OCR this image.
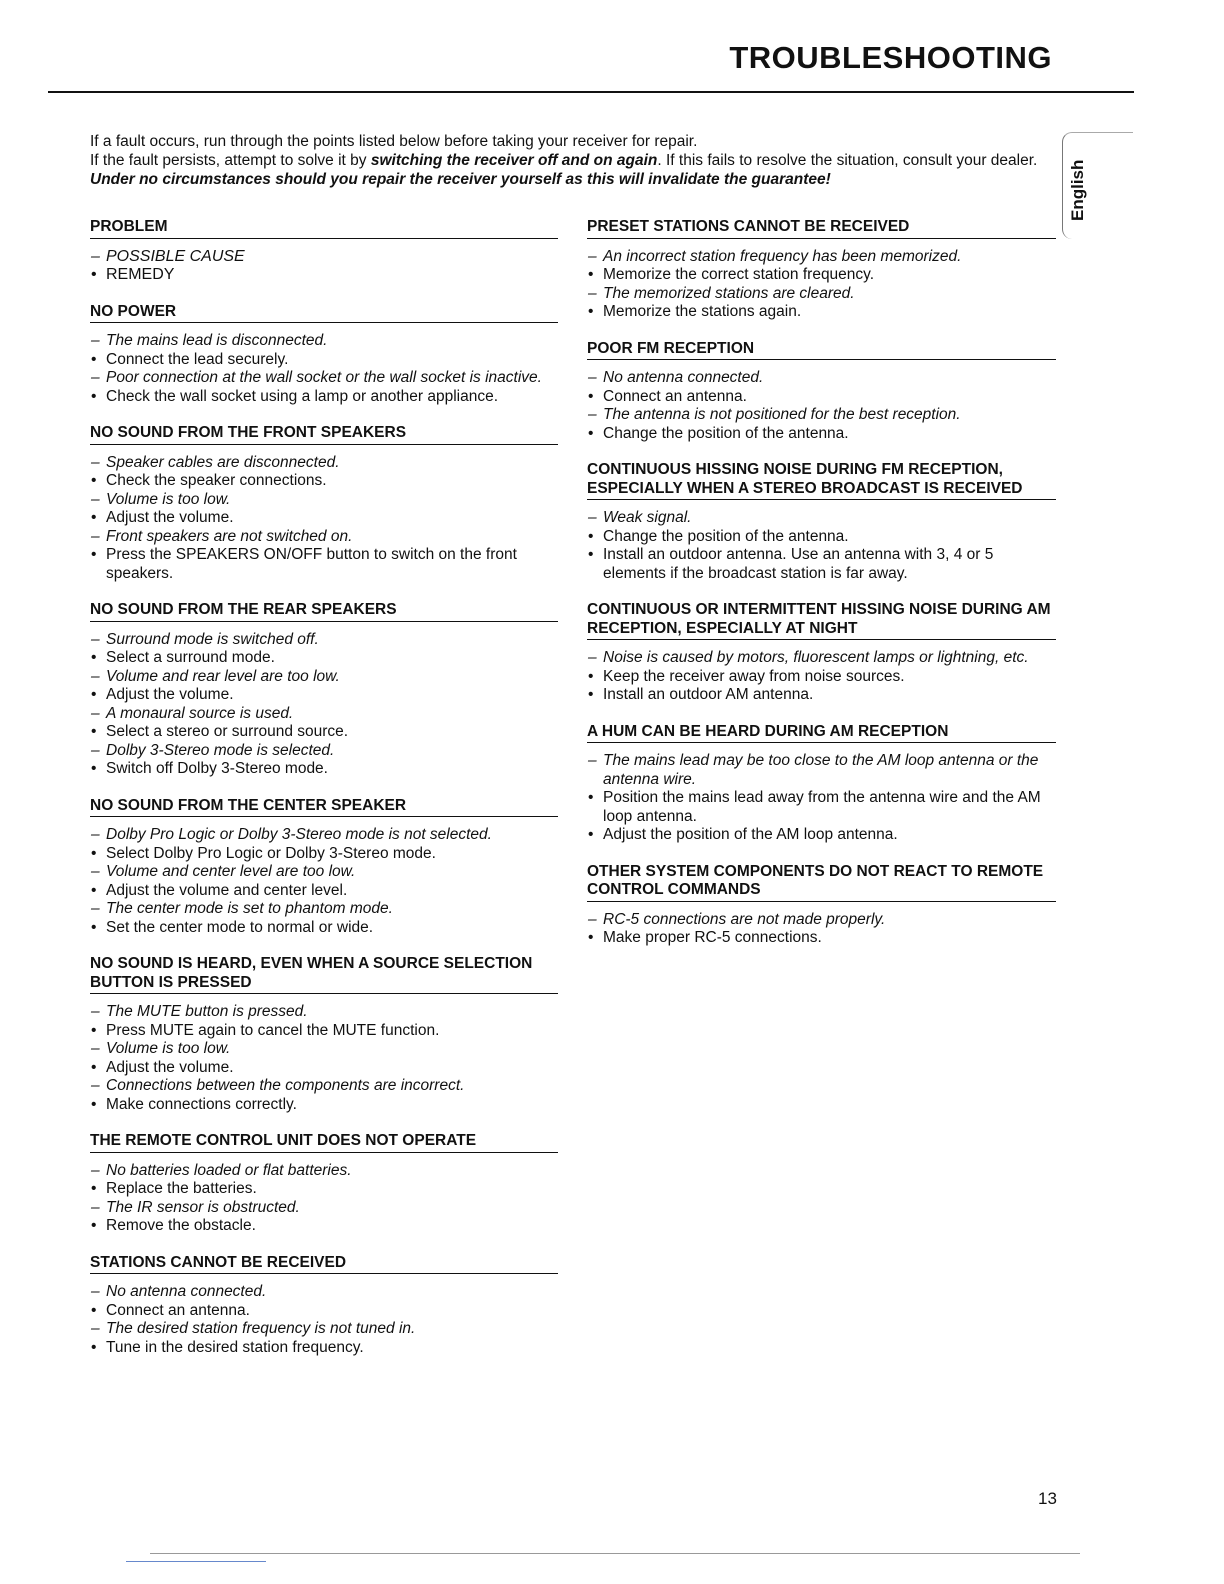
TROUBLESHOOTING

If a fault occurs, run through the points listed below before taking your receiver for repair.

If the fault persists, attempt to solve it by switching the receiver off and on again. If this fails to resolve the situation, consult your dealer. Under no circumstances should you repair the receiver yourself as this will invalidate the guarantee!	English
PROBLEM
– POSSIBLE CAUSE
• REMEDY
NO POWER
– The mains lead is disconnected.
• Connect the lead securely.
– Poor connection at the wall socket or the wall socket is inactive.
• Check the wall socket using a lamp or another appliance.
NO SOUND FROM THE FRONT SPEAKERS
– Speaker cables are disconnected.
• Check the speaker connections.
– Volume is too low.
• Adjust the volume.
– Front speakers are not switched on.
• Press the SPEAKERS ON/OFF button to switch on the front speakers.
NO SOUND FROM THE REAR SPEAKERS
– Surround mode is switched off.
• Select a surround mode.
– Volume and rear level are too low.
• Adjust the volume.
– A monaural source is used.
• Select a stereo or surround source.
– Dolby 3-Stereo mode is selected.
• Switch off Dolby 3-Stereo mode.
NO SOUND FROM THE CENTER SPEAKER
– Dolby Pro Logic or Dolby 3-Stereo mode is not selected.
• Select Dolby Pro Logic or Dolby 3-Stereo mode.
– Volume and center level are too low.
• Adjust the volume and center level.
– The center mode is set to phantom mode.
• Set the center mode to normal or wide.
NO SOUND IS HEARD, EVEN WHEN A SOURCE SELECTION BUTTON IS PRESSED
– The MUTE button is pressed.
• Press MUTE again to cancel the MUTE function.
– Volume is too low.
• Adjust the volume.
– Connections between the components are incorrect.
• Make connections correctly.
THE REMOTE CONTROL UNIT DOES NOT OPERATE
– No batteries loaded or flat batteries.
• Replace the batteries.
– The IR sensor is obstructed.
• Remove the obstacle.
STATIONS CANNOT BE RECEIVED
– No antenna connected.
• Connect an antenna.
– The desired station frequency is not tuned in.
• Tune in the desired station frequency.
PRESET STATIONS CANNOT BE RECEIVED
– An incorrect station frequency has been memorized.
• Memorize the correct station frequency.
– The memorized stations are cleared.
• Memorize the stations again.
POOR FM RECEPTION
– No antenna connected.
• Connect an antenna.
– The antenna is not positioned for the best reception.
• Change the position of the antenna.
CONTINUOUS HISSING NOISE DURING FM RECEPTION, ESPECIALLY WHEN A STEREO BROADCAST IS RECEIVED
– Weak signal.
• Change the position of the antenna.
• Install an outdoor antenna. Use an antenna with 3, 4 or 5 elements if the broadcast station is far away.
CONTINUOUS OR INTERMITTENT HISSING NOISE DURING AM RECEPTION, ESPECIALLY AT NIGHT
– Noise is caused by motors, fluorescent lamps or lightning, etc.
• Keep the receiver away from noise sources.
• Install an outdoor AM antenna.
A HUM CAN BE HEARD DURING AM RECEPTION
– The mains lead may be too close to the AM loop antenna or the antenna wire.
• Position the mains lead away from the antenna wire and the AM loop antenna.
• Adjust the position of the AM loop antenna.
OTHER SYSTEM COMPONENTS DO NOT REACT TO REMOTE CONTROL COMMANDS
– RC-5 connections are not made properly.
• Make proper RC-5 connections.
13
